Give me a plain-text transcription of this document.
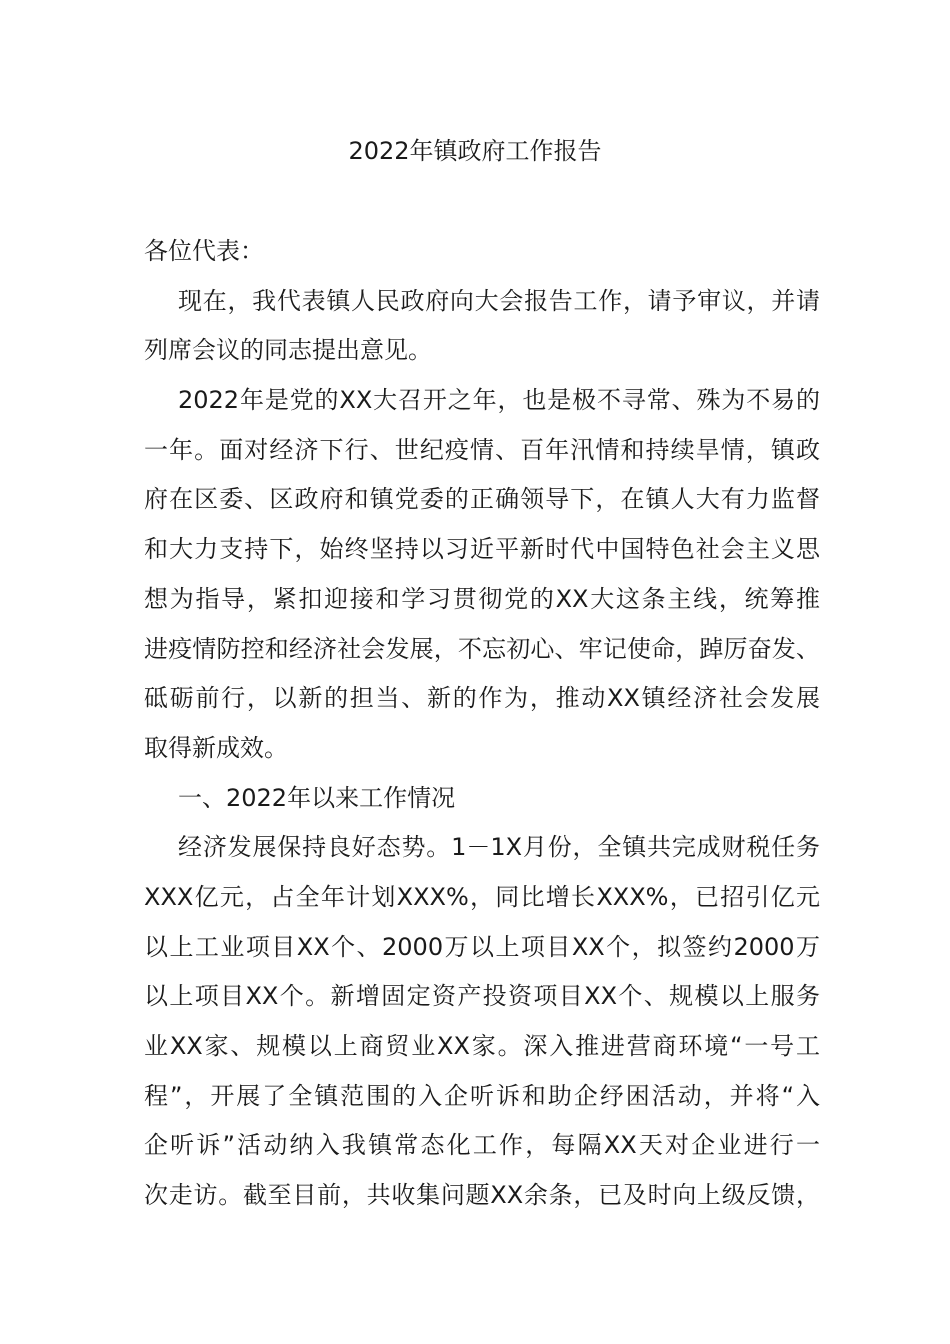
2022年镇政府工作报告
各位代表：
现在，我代表镇人民政府向大会报告工作，请予审议，并请
列席会议的同志提出意见。
2022年是党的XX大召开之年，也是极不寻常、殊为不易的
一年。面对经济下行、世纪疫情、百年汛情和持续旱情，镇政
府在区委、区政府和镇党委的正确领导下，在镇人大有力监督
和大力支持下，始终坚持以习近平新时代中国特色社会主义思
想为指导，紧扣迎接和学习贯彻党的XX大这条主线，统筹推
进疫情防控和经济社会发展，不忘初心、牢记使命，踔厉奋发、
砥砺前行，以新的担当、新的作为，推动XX镇经济社会发展
取得新成效。
一、2022年以来工作情况
经济发展保持良好态势。1－1X月份，全镇共完成财税任务
XXX亿元，占全年计划XXX%，同比增长XXX%，已招引亿元
以上工业项目XX个、2000万以上项目XX个，拟签约2000万
以上项目XX个。新增固定资产投资项目XX个、规模以上服务
业XX家、规模以上商贸业XX家。深入推进营商环境“一号工
程”，开展了全镇范围的入企听诉和助企纾困活动，并将“入
企听诉”活动纳入我镇常态化工作，每隔XX天对企业进行一
次走访。截至目前，共收集问题XX余条，已及时向上级反馈，
